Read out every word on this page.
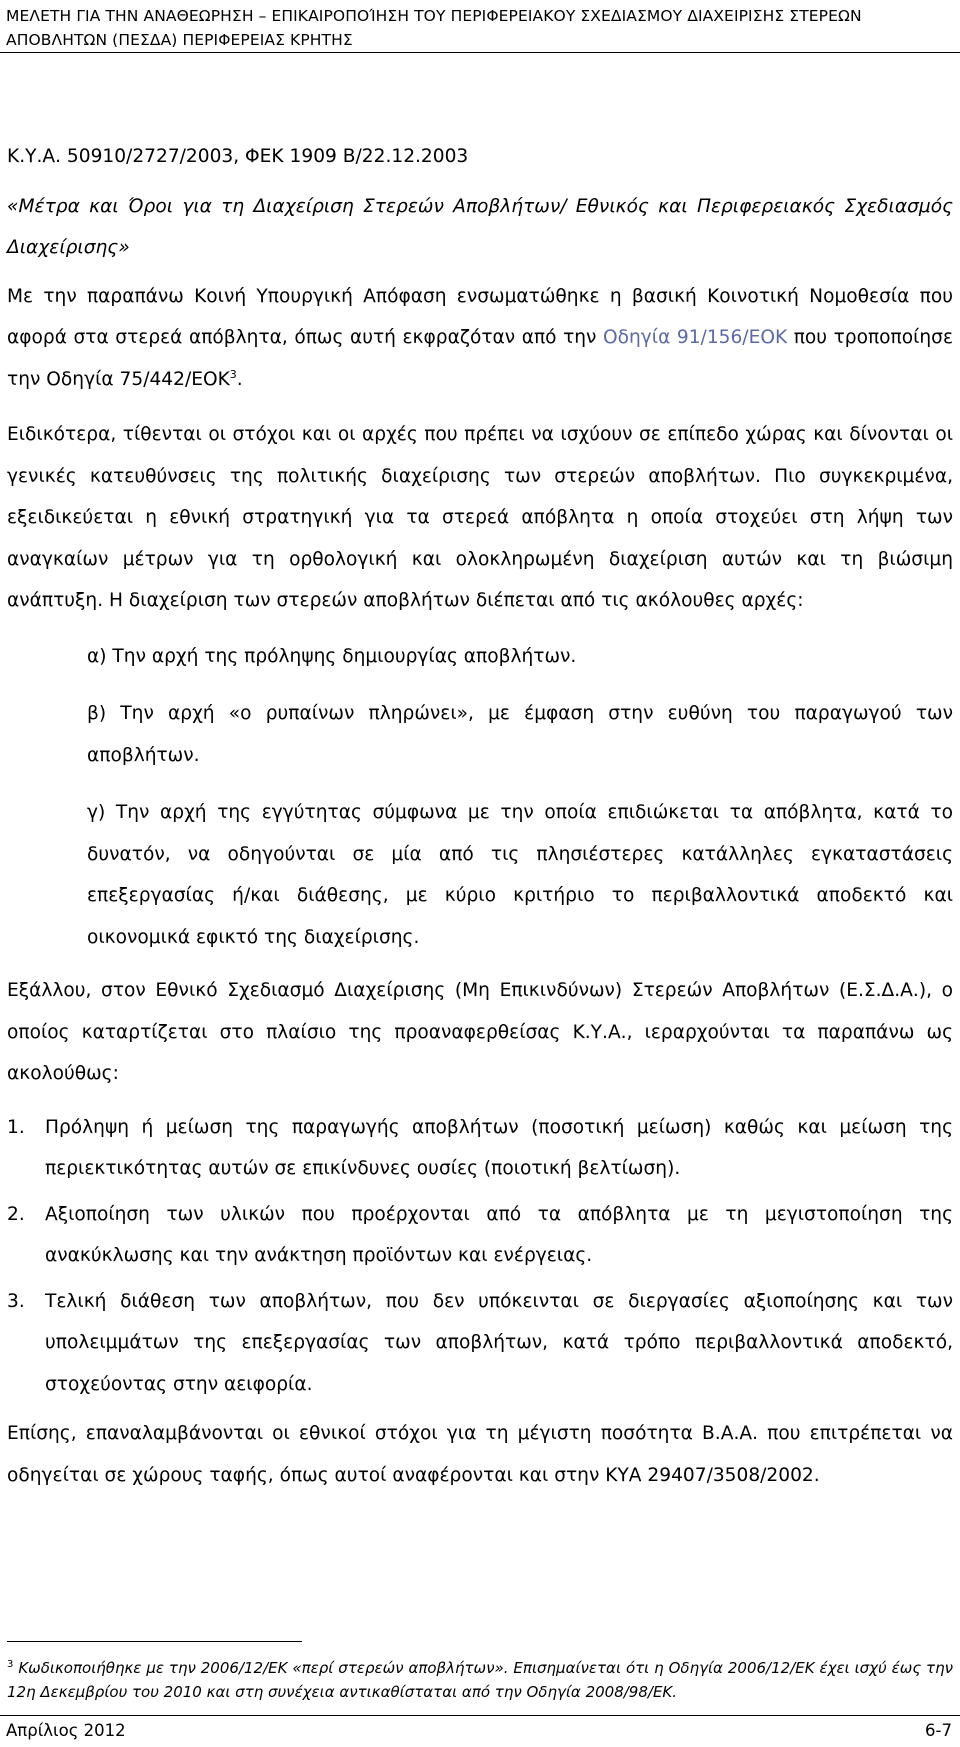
ΜΕΛΕΤΗ ΓΙΑ ΤΗΝ ΑΝΑΘΕΩΡΗΣΗ – ΕΠΙΚΑΙΡΟΠΟΊΗΣΗ ΤΟΥ ΠΕΡΙΦΕΡΕΙΑΚΟΥ ΣΧΕΔΙΑΣΜΟΥ ΔΙΑΧΕΙΡΙΣΗΣ ΣΤΕΡΕΩΝ ΑΠΟΒΛΗΤΩΝ (ΠΕΣΔΑ) ΠΕΡΙΦΕΡΕΙΑΣ ΚΡΗΤΗΣ

Κ.Υ.Α. 50910/2727/2003, ΦΕΚ 1909 Β/22.12.2003

«Μέτρα και Όροι για τη Διαχείριση Στερεών Αποβλήτων/ Εθνικός και Περιφερειακός Σχεδιασμός Διαχείρισης»

Με την παραπάνω Κοινή Υπουργική Απόφαση ενσωματώθηκε η βασική Κοινοτική Νομοθεσία που αφορά στα στερεά απόβλητα, όπως αυτή εκφραζόταν από την Οδηγία 91/156/ΕΟΚ που τροποποίησε την Οδηγία 75/442/ΕΟΚ$^3$.

Ειδικότερα, τίθενται οι στόχοι και οι αρχές που πρέπει να ισχύουν σε επίπεδο χώρας και δίνονται οι γενικές κατευθύνσεις της πολιτικής διαχείρισης των στερεών αποβλήτων. Πιο συγκεκριμένα, εξειδικεύεται η εθνική στρατηγική για τα στερεά απόβλητα η οποία στοχεύει στη λήψη των αναγκαίων μέτρων για τη ορθολογική και ολοκληρωμένη διαχείριση αυτών και τη βιώσιμη ανάπτυξη. Η διαχείριση των στερεών αποβλήτων διέπεται από τις ακόλουθες αρχές:

α) Την αρχή της πρόληψης δημιουργίας αποβλήτων.

β) Την αρχή «ο ρυπαίνων πληρώνει», με έμφαση στην ευθύνη του παραγωγού των αποβλήτων.

γ) Την αρχή της εγγύτητας σύμφωνα με την οποία επιδιώκεται τα απόβλητα, κατά το δυνατόν, να οδηγούνται σε μία από τις πλησιέστερες κατάλληλες εγκαταστάσεις επεξεργασίας ή/και διάθεσης, με κύριο κριτήριο το περιβαλλοντικά αποδεκτό και οικονομικά εφικτό της διαχείρισης.

Εξάλλου, στον Εθνικό Σχεδιασμό Διαχείρισης (Μη Επικινδύνων) Στερεών Αποβλήτων (Ε.Σ.Δ.Α.), ο οποίος καταρτίζεται στο πλαίσιο της προαναφερθείσας Κ.Υ.Α., ιεραρχούνται τα παραπάνω ως ακολούθως:

1. Πρόληψη ή μείωση της παραγωγής αποβλήτων (ποσοτική μείωση) καθώς και μείωση της περιεκτικότητας αυτών σε επικίνδυνες ουσίες (ποιοτική βελτίωση).

2. Αξιοποίηση των υλικών που προέρχονται από τα απόβλητα με τη μεγιστοποίηση της ανακύκλωσης και την ανάκτηση προϊόντων και ενέργειας.

3. Τελική διάθεση των αποβλήτων, που δεν υπόκεινται σε διεργασίες αξιοποίησης και των υπολειμμάτων της επεξεργασίας των αποβλήτων, κατά τρόπο περιβαλλοντικά αποδεκτό, στοχεύοντας στην αειφορία.

Επίσης, επαναλαμβάνονται οι εθνικοί στόχοι για τη μέγιστη ποσότητα Β.Α.Α. που επιτρέπεται να οδηγείται σε χώρους ταφής, όπως αυτοί αναφέρονται και στην ΚΥΑ 29407/3508/2002.

$^3$ Κωδικοποιήθηκε με την 2006/12/ΕΚ «περί στερεών αποβλήτων». Επισημαίνεται ότι η Οδηγία 2006/12/ΕΚ έχει ισχύ έως την 12η Δεκεμβρίου του 2010 και στη συνέχεια αντικαθίσταται από την Οδηγία 2008/98/ΕΚ.
Απρίλιος 2012	6-7
